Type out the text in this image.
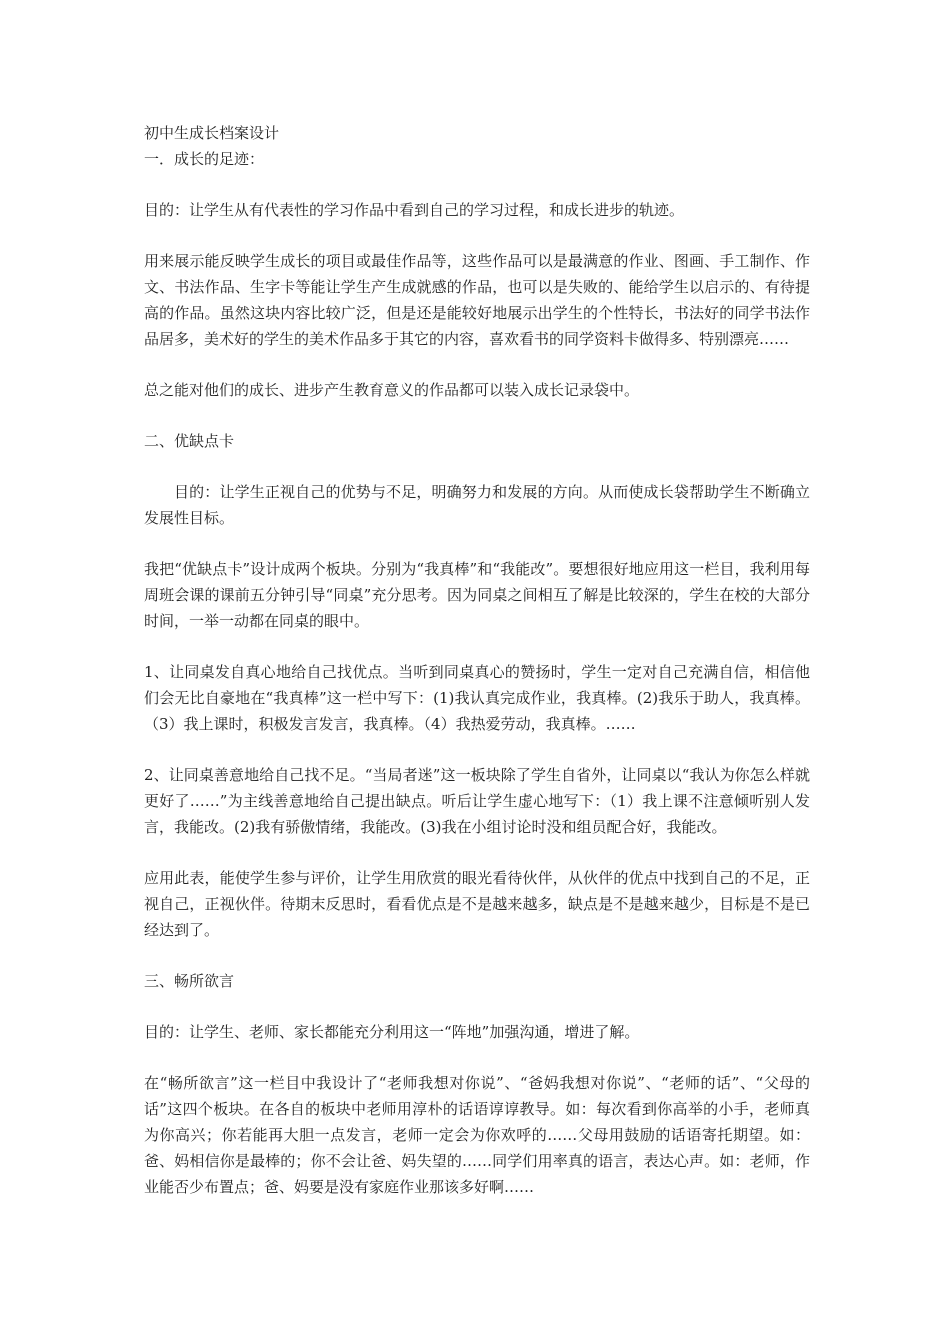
初中生成长档案设计

一．成长的足迹：

目的：让学生从有代表性的学习作品中看到自己的学习过程，和成长进步的轨迹。

用来展示能反映学生成长的项目或最佳作品等，这些作品可以是最满意的作业、图画、手工制作、作文、书法作品、生字卡等能让学生产生成就感的作品，也可以是失败的、能给学生以启示的、有待提高的作品。虽然这块内容比较广泛，但是还是能较好地展示出学生的个性特长，书法好的同学书法作品居多，美术好的学生的美术作品多于其它的内容，喜欢看书的同学资料卡做得多、特别漂亮……

总之能对他们的成长、进步产生教育意义的作品都可以装入成长记录袋中。

二、优缺点卡

目的：让学生正视自己的优势与不足，明确努力和发展的方向。从而使成长袋帮助学生不断确立发展性目标。

我把“优缺点卡”设计成两个板块。分别为“我真棒”和“我能改”。要想很好地应用这一栏目，我利用每周班会课的课前五分钟引导“同桌”充分思考。因为同桌之间相互了解是比较深的，学生在校的大部分时间，一举一动都在同桌的眼中。

1、让同桌发自真心地给自己找优点。当听到同桌真心的赞扬时，学生一定对自己充满自信，相信他们会无比自豪地在“我真棒”这一栏中写下：(1)我认真完成作业，我真棒。(2)我乐于助人，我真棒。（3）我上课时，积极发言发言，我真棒。（4）我热爱劳动，我真棒。……

2、让同桌善意地给自己找不足。“当局者迷”这一板块除了学生自省外，让同桌以“我认为你怎么样就更好了……”为主线善意地给自己提出缺点。听后让学生虚心地写下：（1）我上课不注意倾听别人发言，我能改。(2)我有骄傲情绪，我能改。(3)我在小组讨论时没和组员配合好，我能改。

应用此表，能使学生参与评价，让学生用欣赏的眼光看待伙伴，从伙伴的优点中找到自己的不足，正视自己，正视伙伴。待期末反思时，看看优点是不是越来越多，缺点是不是越来越少，目标是不是已经达到了。

三、畅所欲言

目的：让学生、老师、家长都能充分利用这一“阵地”加强沟通，增进了解。

在“畅所欲言”这一栏目中我设计了“老师我想对你说”、“爸妈我想对你说”、“老师的话”、“父母的话”这四个板块。在各自的板块中老师用淳朴的话语谆谆教导。如：每次看到你高举的小手，老师真为你高兴；你若能再大胆一点发言，老师一定会为你欢呼的……父母用鼓励的话语寄托期望。如：爸、妈相信你是最棒的；你不会让爸、妈失望的……同学们用率真的语言，表达心声。如：老师，作业能否少布置点；爸、妈要是没有家庭作业那该多好啊……
